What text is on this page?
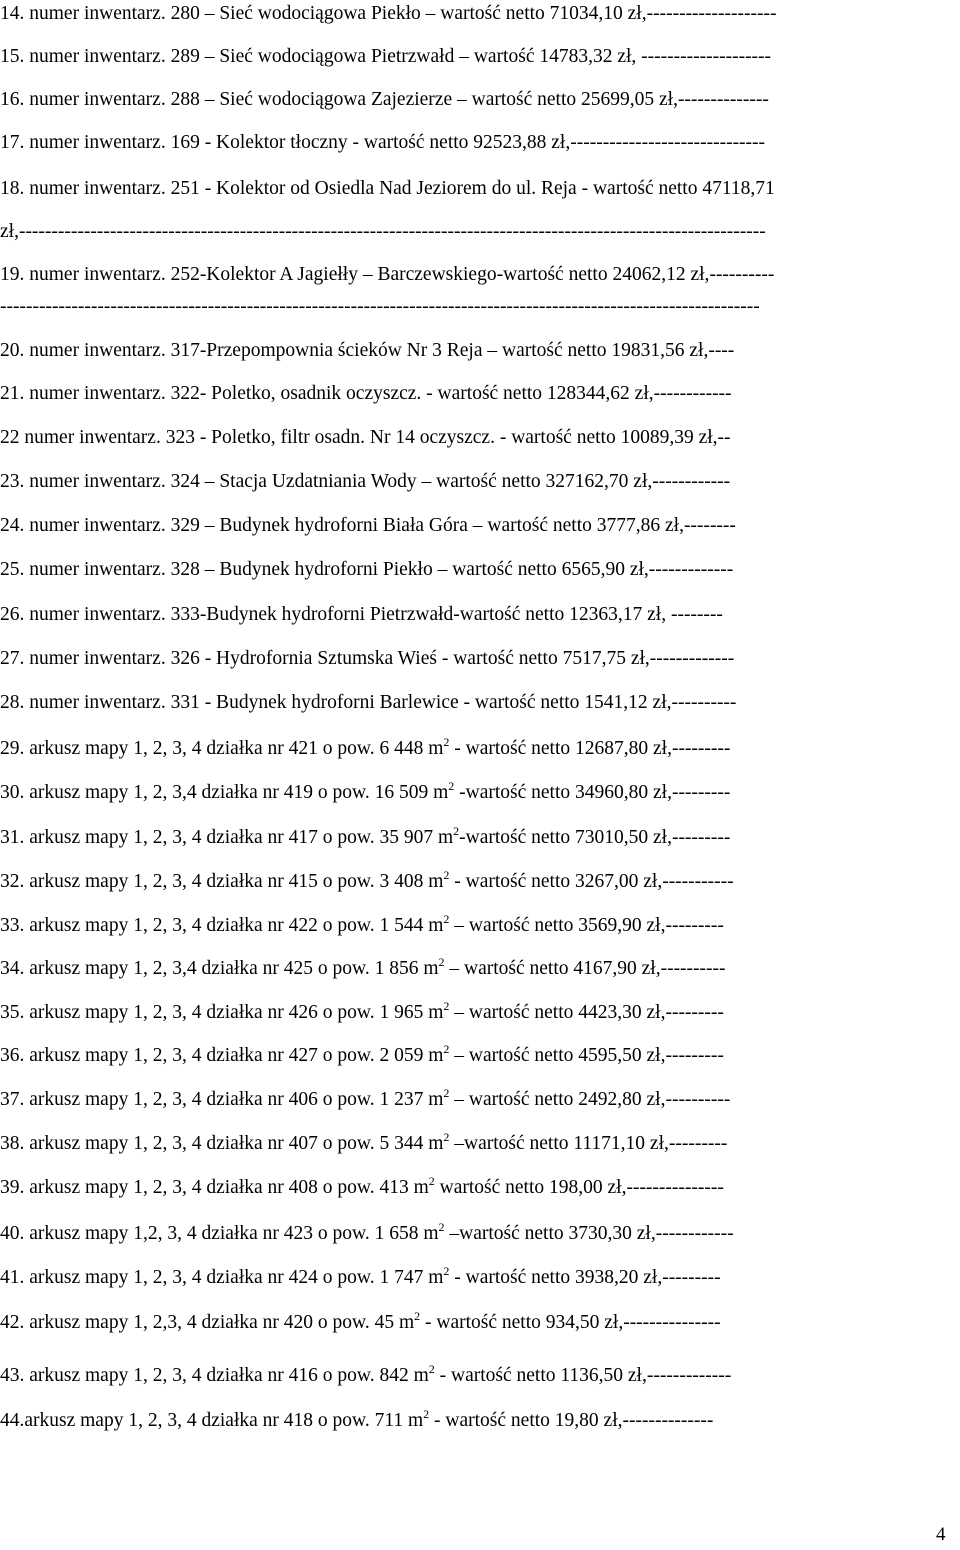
14. numer inwentarz. 280 – Sieć wodociągowa Piekło – wartość netto 71034,10 zł,--------------------
15. numer inwentarz. 289 – Sieć wodociągowa Pietrzwałd – wartość 14783,32 zł, --------------------
16. numer inwentarz. 288 – Sieć wodociągowa Zajezierze – wartość netto 25699,05 zł,--------------
17. numer inwentarz. 169 - Kolektor tłoczny - wartość netto 92523,88 zł,------------------------------
18. numer inwentarz. 251 - Kolektor od Osiedla Nad Jeziorem do ul. Reja - wartość netto 47118,71
zł,-------------------------------------------------------------------------------------------------------------------
19. numer inwentarz. 252-Kolektor A Jagiełły – Barczewskiego-wartość netto 24062,12 zł,----------
---------------------------------------------------------------------------------------------------------------------
20. numer inwentarz. 317-Przepompownia ścieków Nr 3 Reja – wartość netto 19831,56 zł,----
21. numer inwentarz. 322- Poletko, osadnik oczyszcz. - wartość netto 128344,62 zł,------------
22 numer inwentarz. 323 - Poletko, filtr osadn. Nr 14 oczyszcz. - wartość netto 10089,39 zł,--
23. numer inwentarz. 324 – Stacja Uzdatniania Wody – wartość netto 327162,70 zł,------------
24. numer inwentarz. 329 – Budynek hydroforni Biała Góra – wartość netto 3777,86 zł,--------
25. numer inwentarz. 328 – Budynek hydroforni Piekło – wartość netto 6565,90 zł,-------------
26. numer inwentarz. 333-Budynek hydroforni Pietrzwałd-wartość netto 12363,17 zł, --------
27. numer inwentarz. 326 - Hydrofornia Sztumska Wieś - wartość netto 7517,75 zł,-------------
28. numer inwentarz. 331 - Budynek hydroforni Barlewice - wartość netto 1541,12 zł,----------
29. arkusz mapy 1, 2, 3, 4 działka nr 421 o pow. 6 448 $m^2$ - wartość netto 12687,80 zł,---------
30. arkusz mapy 1, 2, 3,4 działka nr 419 o pow. 16 509 $m^2$ -wartość netto 34960,80 zł,---------
31. arkusz mapy 1, 2, 3, 4 działka nr 417 o pow. 35 907 $m^2$-wartość netto 73010,50 zł,---------
32. arkusz mapy 1, 2, 3, 4 działka nr 415 o pow. 3 408 $m^2$ - wartość netto 3267,00 zł,-----------
33. arkusz mapy 1, 2, 3, 4 działka nr 422 o pow. 1 544 $m^2$ – wartość netto 3569,90 zł,---------
34. arkusz mapy 1, 2, 3,4 działka nr 425 o pow. 1 856 $m^2$ – wartość netto 4167,90 zł,----------
35. arkusz mapy 1, 2, 3, 4 działka nr 426 o pow. 1 965 $m^2$ – wartość netto 4423,30 zł,---------
36. arkusz mapy 1, 2, 3, 4 działka nr 427 o pow. 2 059 $m^2$ – wartość netto 4595,50 zł,---------
37. arkusz mapy 1, 2, 3, 4 działka nr 406 o pow. 1 237 $m^2$ – wartość netto 2492,80 zł,----------
38. arkusz mapy 1, 2, 3, 4 działka nr 407 o pow. 5 344 $m^2$ –wartość netto 11171,10 zł,---------
39. arkusz mapy 1, 2, 3, 4 działka nr 408 o pow. 413 $m^2$ wartość netto 198,00 zł,---------------
40. arkusz mapy 1,2, 3, 4 działka nr 423 o pow. 1 658 $m^2$ –wartość netto 3730,30 zł,------------
41. arkusz mapy 1, 2, 3, 4 działka nr 424 o pow. 1 747 $m^2$ - wartość netto 3938,20 zł,---------
42. arkusz mapy 1, 2,3, 4 działka nr 420 o pow. 45 $m^2$ - wartość netto 934,50 zł,---------------
43. arkusz mapy 1, 2, 3, 4 działka nr 416 o pow. 842 $m^2$ - wartość netto 1136,50 zł,-------------
44.arkusz mapy 1, 2, 3, 4 działka nr 418 o pow. 711 $m^2$ - wartość netto 19,80 zł,--------------
4
